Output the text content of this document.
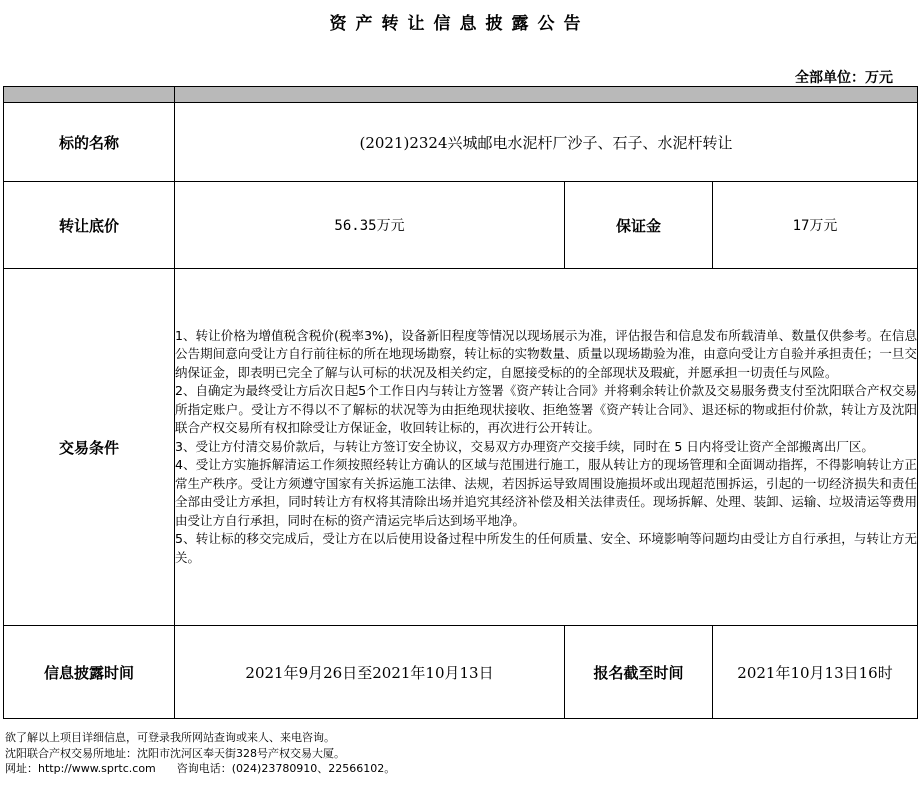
资产转让信息披露公告
全部单位：万元

标的名称	(2021)2324兴城邮电水泥杆厂沙子、石子、水泥杆转让		
转让底价	56.35万元	保证金	17万元
交易条件	1、转让价格为增值税含税价(税率3%)，设备新旧程度等情况以现场展示为准，评估报告和信息发布所载清单、数量仅供参考。在信息公告期间意向受让方自行前往标的所在地现场勘察，转让标的实物数量、质量以现场勘验为准，由意向受让方自验并承担责任；一旦交纳保证金，即表明已完全了解与认可标的状况及相关约定，自愿接受标的的全部现状及瑕疵，并愿承担一切责任与风险。
2、自确定为最终受让方后次日起5个工作日内与转让方签署《资产转让合同》并将剩余转让价款及交易服务费支付至沈阳联合产权交易所指定账户。受让方不得以不了解标的状况等为由拒绝现状接收、拒绝签署《资产转让合同》、退还标的物或拒付价款，转让方及沈阳联合产权交易所有权扣除受让方保证金，收回转让标的，再次进行公开转让。
3、受让方付清交易价款后，与转让方签订安全协议，交易双方办理资产交接手续，同时在 5 日内将受让资产全部搬离出厂区。
4、受让方实施拆解清运工作须按照经转让方确认的区域与范围进行施工，服从转让方的现场管理和全面调动指挥，不得影响转让方正常生产秩序。受让方须遵守国家有关拆运施工法律、法规，若因拆运导致周围设施损坏或出现超范围拆运，引起的一切经济损失和责任全部由受让方承担，同时转让方有权将其清除出场并追究其经济补偿及相关法律责任。现场拆解、处理、装卸、运输、垃圾清运等费用由受让方自行承担，同时在标的资产清运完毕后达到场平地净。
5、转让标的移交完成后，受让方在以后使用设备过程中所发生的任何质量、安全、环境影响等问题均由受让方自行承担，与转让方无关。		

信息披露时间	2021年9月26日至2021年10月13日	报名截至时间	2021年10月13日16时
欲了解以上项目详细信息，可登录我所网站查询或来人、来电咨询。
沈阳联合产权交易所地址：沈阳市沈河区奉天街328号产权交易大厦。
网址：http://www.sprtc.com      咨询电话：(024)23780910、22566102。
